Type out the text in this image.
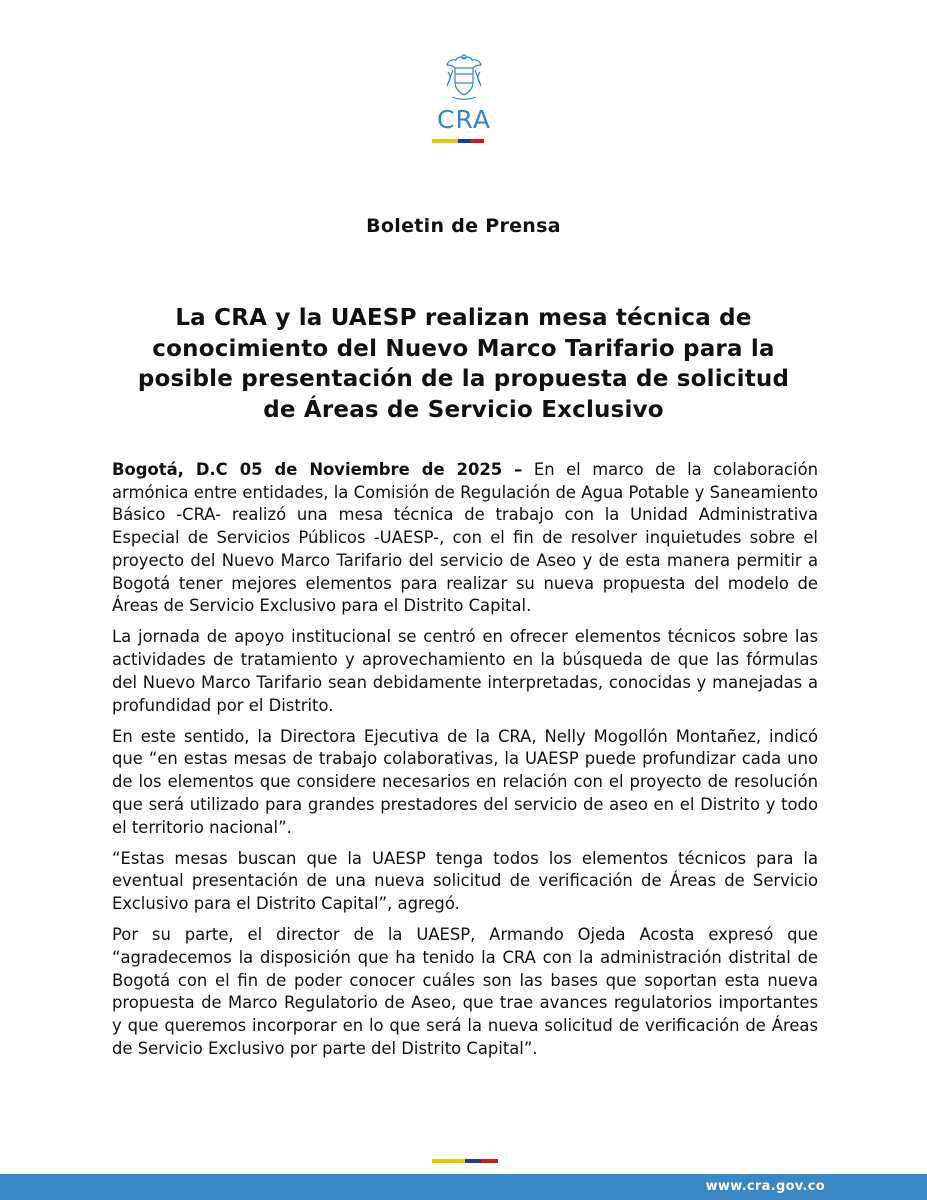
CRA
Boletin de Prensa
La CRA y la UAESP realizan mesa técnica de
conocimiento del Nuevo Marco Tarifario para la
posible presentación de la propuesta de solicitud
de Áreas de Servicio Exclusivo

Bogotá, D.C 05 de Noviembre de 2025 – En el marco de la colaboración armónica entre entidades, la Comisión de Regulación de Agua Potable y Saneamiento Básico -CRA- realizó una mesa técnica de trabajo con la Unidad Administrativa Especial de Servicios Públicos -UAESP-, con el fin de resolver inquietudes sobre el proyecto del Nuevo Marco Tarifario del servicio de Aseo y de esta manera permitir a Bogotá tener mejores elementos para realizar su nueva propuesta del modelo de Áreas de Servicio Exclusivo para el Distrito Capital.

La jornada de apoyo institucional se centró en ofrecer elementos técnicos sobre las actividades de tratamiento y aprovechamiento en la búsqueda de que las fórmulas del Nuevo Marco Tarifario sean debidamente interpretadas, conocidas y manejadas a profundidad por el Distrito.

En este sentido, la Directora Ejecutiva de la CRA, Nelly Mogollón Montañez, indicó que “en estas mesas de trabajo colaborativas, la UAESP puede profundizar cada uno de los elementos que considere necesarios en relación con el proyecto de resolución que será utilizado para grandes prestadores del servicio de aseo en el Distrito y todo el territorio nacional”.

“Estas mesas buscan que la UAESP tenga todos los elementos técnicos para la eventual presentación de una nueva solicitud de verificación de Áreas de Servicio Exclusivo para el Distrito Capital”, agregó.

Por su parte, el director de la UAESP, Armando Ojeda Acosta expresó que “agradecemos la disposición que ha tenido la CRA con la administración distrital de Bogotá con el fin de poder conocer cuáles son las bases que soportan esta nueva propuesta de Marco Regulatorio de Aseo, que trae avances regulatorios importantes y que queremos incorporar en lo que será la nueva solicitud de verificación de Áreas de Servicio Exclusivo por parte del Distrito Capital”.

www.cra.gov.co
